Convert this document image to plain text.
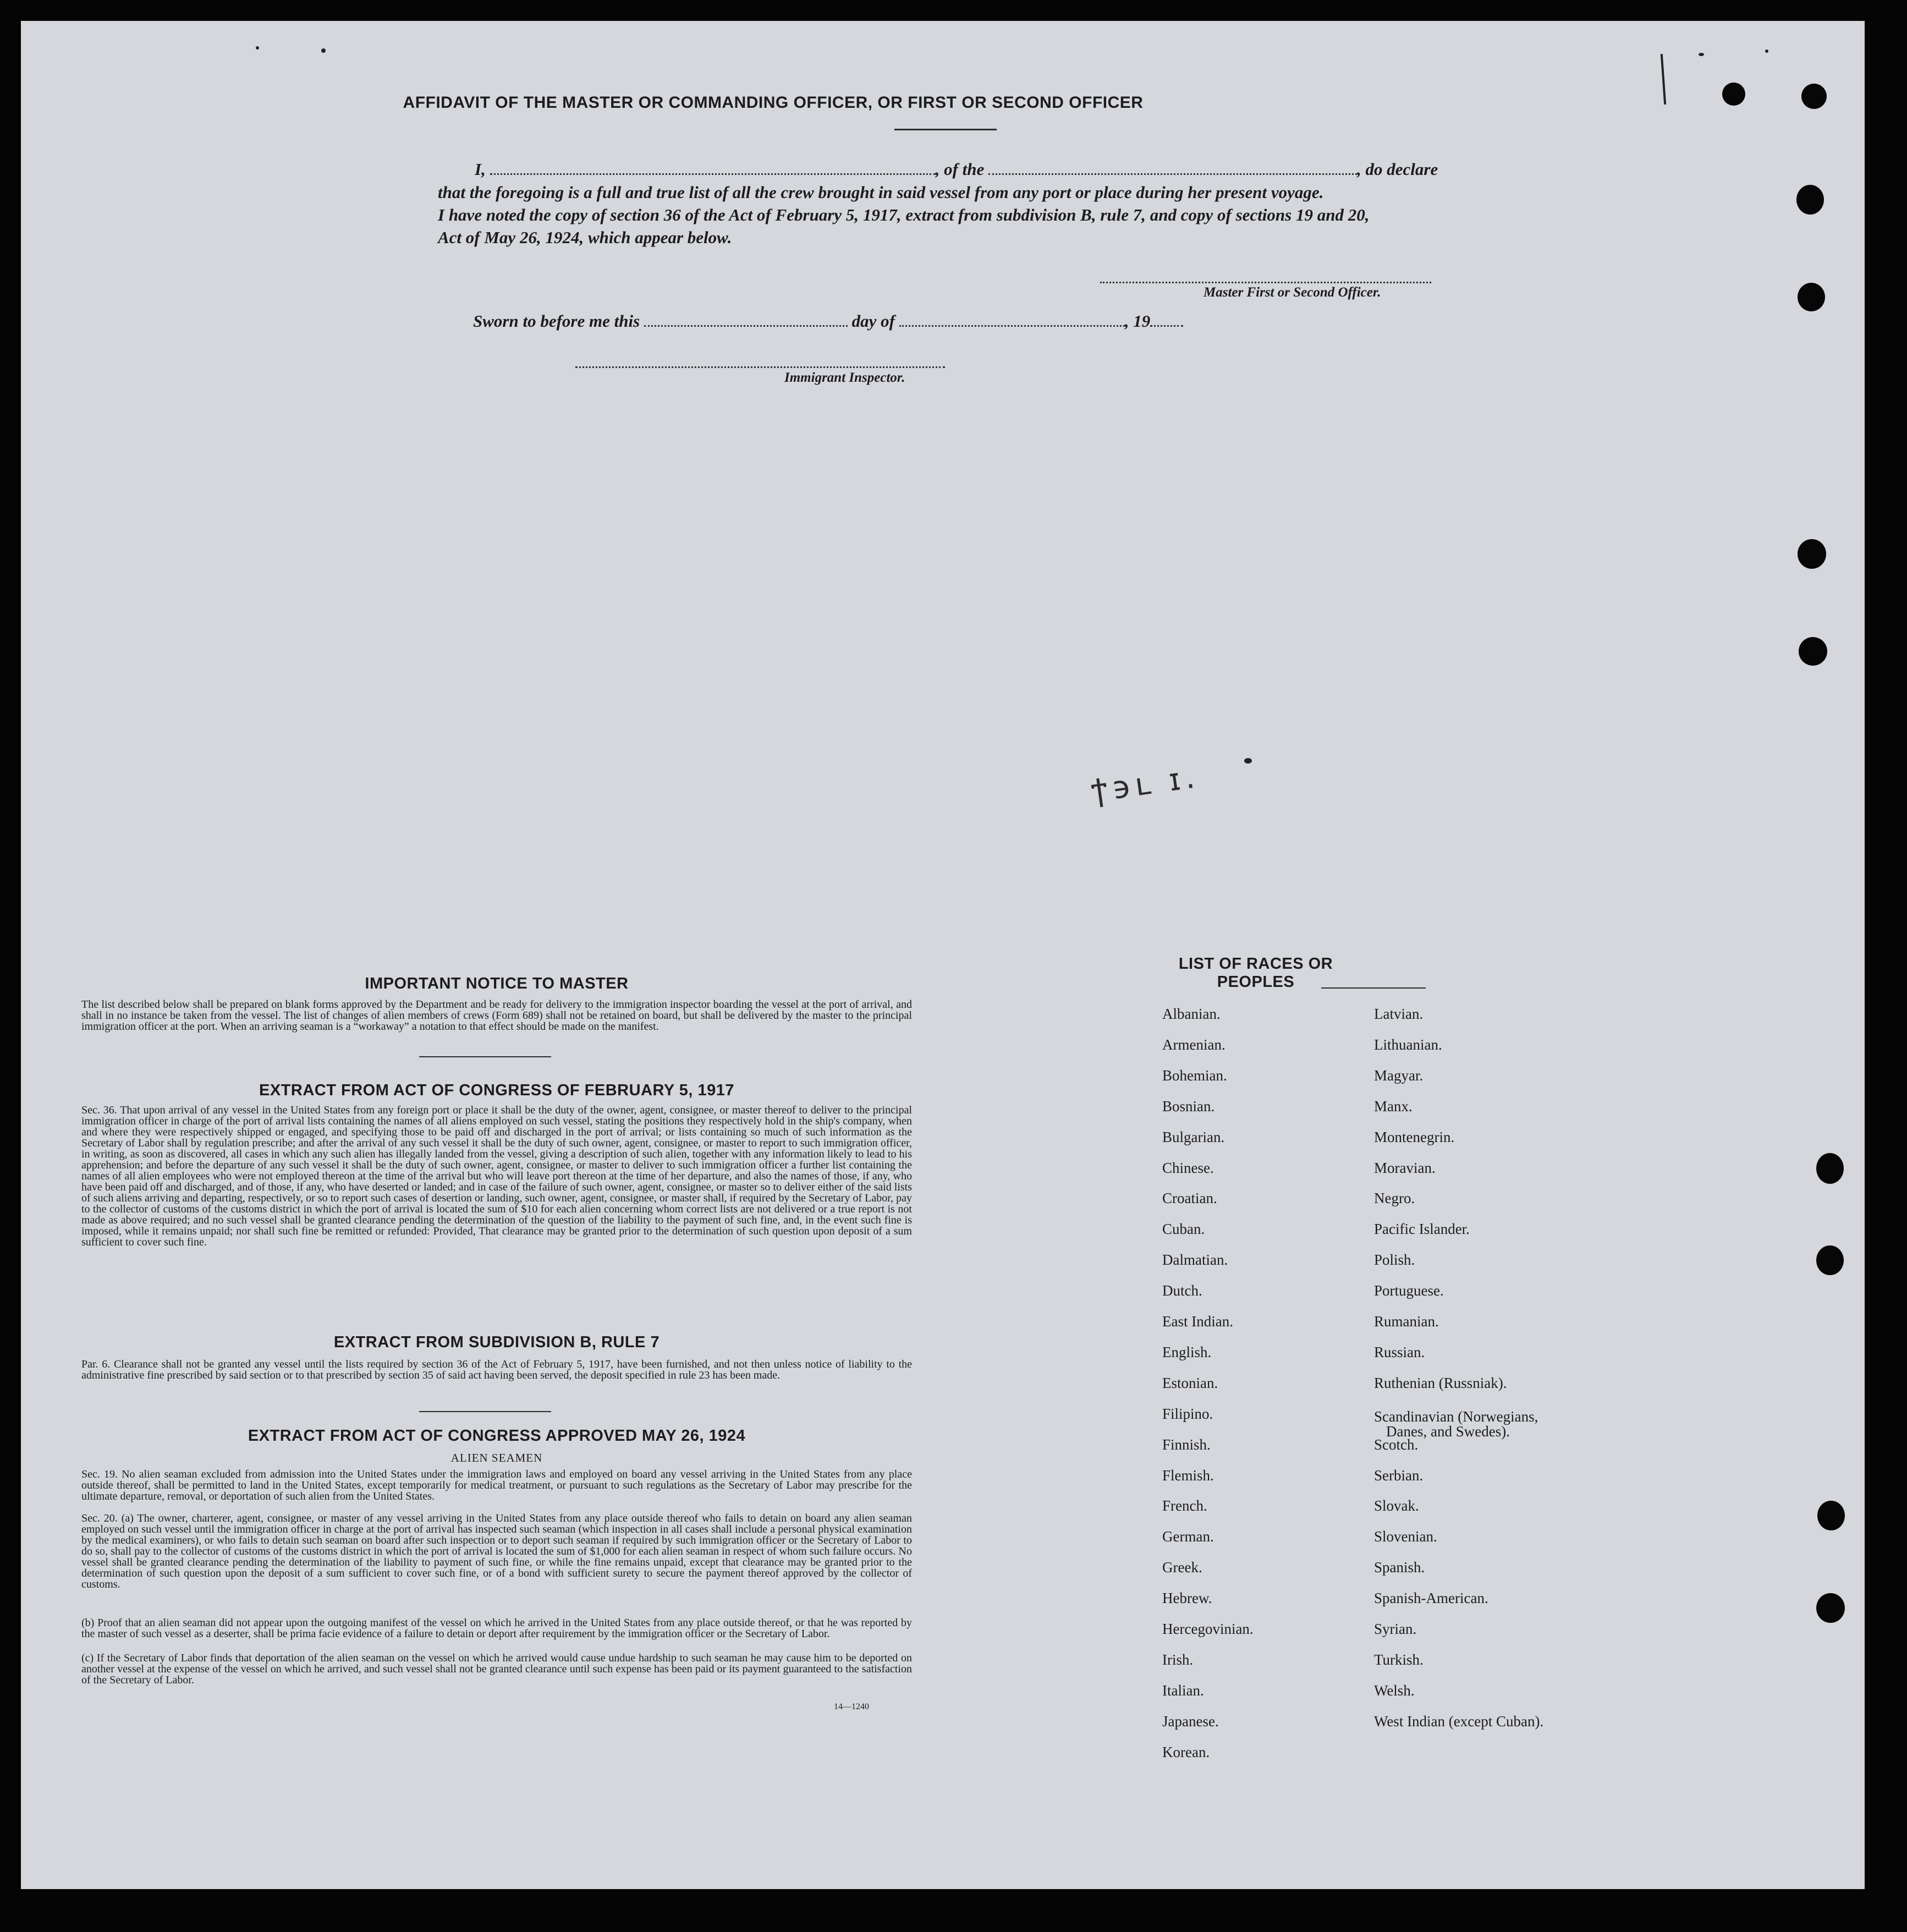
AFFIDAVIT OF THE MASTER OR COMMANDING OFFICER, OR FIRST OR SECOND OFFICER
I,	, of the	, do declare
that the foregoing is a full and true list of all the crew brought in said vessel from any port or place during her present voyage.
I have noted the copy of section 36 of the Act of February 5, 1917, extract from subdivision B, rule 7, and copy of sections 19 and 20,
Act of May 26, 1924, which appear below.
Master First or Second Officer.
Sworn to before me this	day of	, 19
Immigrant Inspector.
ϯ϶ʟ ɪ.
IMPORTANT NOTICE TO MASTER
The list described below shall be prepared on blank forms approved by the Department and be ready for delivery to the immigration inspector boarding the vessel at the port of arrival, and shall in no instance be taken from the vessel. The list of changes of alien members of crews (Form 689) shall not be retained on board, but shall be delivered by the master to the principal immigration officer at the port. When an arriving seaman is a “workaway” a notation to that effect should be made on the manifest.
EXTRACT FROM ACT OF CONGRESS OF FEBRUARY 5, 1917
Sec. 36. That upon arrival of any vessel in the United States from any foreign port or place it shall be the duty of the owner, agent, consignee, or master thereof to deliver to the principal immigration officer in charge of the port of arrival lists containing the names of all aliens employed on such vessel, stating the positions they respectively hold in the ship's company, when and where they were respectively shipped or engaged, and specifying those to be paid off and discharged in the port of arrival; or lists containing so much of such information as the Secretary of Labor shall by regulation prescribe; and after the arrival of any such vessel it shall be the duty of such owner, agent, consignee, or master to report to such immigration officer, in writing, as soon as discovered, all cases in which any such alien has illegally landed from the vessel, giving a description of such alien, together with any information likely to lead to his apprehension; and before the departure of any such vessel it shall be the duty of such owner, agent, consignee, or master to deliver to such immigration officer a further list containing the names of all alien employees who were not employed thereon at the time of the arrival but who will leave port thereon at the time of her departure, and also the names of those, if any, who have been paid off and discharged, and of those, if any, who have deserted or landed; and in case of the failure of such owner, agent, consignee, or master so to deliver either of the said lists of such aliens arriving and departing, respectively, or so to report such cases of desertion or landing, such owner, agent, consignee, or master shall, if required by the Secretary of Labor, pay to the collector of customs of the customs district in which the port of arrival is located the sum of $10 for each alien concerning whom correct lists are not delivered or a true report is not made as above required; and no such vessel shall be granted clearance pending the determination of the question of the liability to the payment of such fine, and, in the event such fine is imposed, while it remains unpaid; nor shall such fine be remitted or refunded: Provided, That clearance may be granted prior to the determination of such question upon deposit of a sum sufficient to cover such fine.
EXTRACT FROM SUBDIVISION B, RULE 7
Par. 6. Clearance shall not be granted any vessel until the lists required by section 36 of the Act of February 5, 1917, have been furnished, and not then unless notice of liability to the administrative fine prescribed by said section or to that prescribed by section 35 of said act having been served, the deposit specified in rule 23 has been made.
EXTRACT FROM ACT OF CONGRESS APPROVED MAY 26, 1924
ALIEN SEAMEN
Sec. 19. No alien seaman excluded from admission into the United States under the immigration laws and employed on board any vessel arriving in the United States from any place outside thereof, shall be permitted to land in the United States, except temporarily for medical treatment, or pursuant to such regulations as the Secretary of Labor may prescribe for the ultimate departure, removal, or deportation of such alien from the United States.
Sec. 20. (a) The owner, charterer, agent, consignee, or master of any vessel arriving in the United States from any place outside thereof who fails to detain on board any alien seaman employed on such vessel until the immigration officer in charge at the port of arrival has inspected such seaman (which inspection in all cases shall include a personal physical examination by the medical examiners), or who fails to detain such seaman on board after such inspection or to deport such seaman if required by such immigration officer or the Secretary of Labor to do so, shall pay to the collector of customs of the customs district in which the port of arrival is located the sum of $1,000 for each alien seaman in respect of whom such failure occurs. No vessel shall be granted clearance pending the determination of the liability to payment of such fine, or while the fine remains unpaid, except that clearance may be granted prior to the determination of such question upon the deposit of a sum sufficient to cover such fine, or of a bond with sufficient surety to secure the payment thereof approved by the collector of customs.
(b) Proof that an alien seaman did not appear upon the outgoing manifest of the vessel on which he arrived in the United States from any place outside thereof, or that he was reported by the master of such vessel as a deserter, shall be prima facie evidence of a failure to detain or deport after requirement by the immigration officer or the Secretary of Labor.
(c) If the Secretary of Labor finds that deportation of the alien seaman on the vessel on which he arrived would cause undue hardship to such seaman he may cause him to be deported on another vessel at the expense of the vessel on which he arrived, and such vessel shall not be granted clearance until such expense has been paid or its payment guaranteed to the satisfaction of the Secretary of Labor.
14—1240
LIST OF RACES OR PEOPLES
Albanian.
Armenian.
Bohemian.
Bosnian.
Bulgarian.
Chinese.
Croatian.
Cuban.
Dalmatian.
Dutch.
East Indian.
English.
Estonian.
Filipino.
Finnish.
Flemish.
French.
German.
Greek.
Hebrew.
Hercegovinian.
Irish.
Italian.
Japanese.
Korean.
Latvian.
Lithuanian.
Magyar.
Manx.
Montenegrin.
Moravian.
Negro.
Pacific Islander.
Polish.
Portuguese.
Rumanian.
Russian.
Ruthenian (Russniak).
Scandinavian (Norwegians,
Danes, and Swedes).
Scotch.
Serbian.
Slovak.
Slovenian.
Spanish.
Spanish-American.
Syrian.
Turkish.
Welsh.
West Indian (except Cuban).
